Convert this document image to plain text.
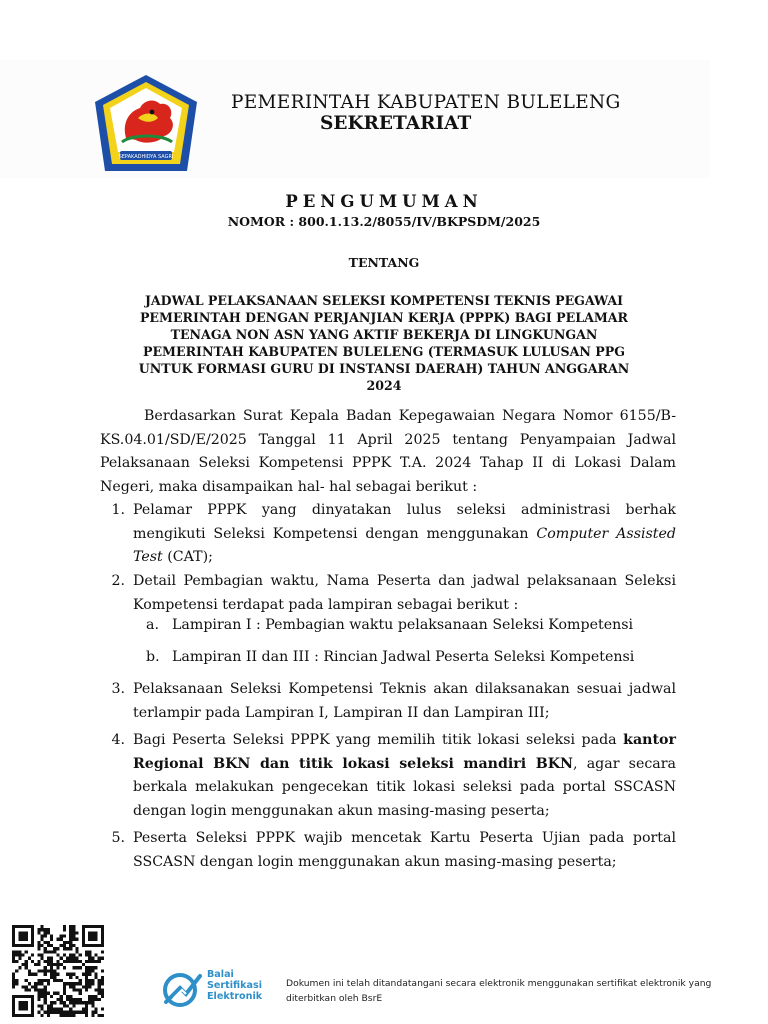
SEPAKADHIDYA SAGRI
PEMERINTAH KABUPATEN BULELENG
SEKRETARIAT
PENGUMUMAN
NOMOR : 800.1.13.2/8055/IV/BKPSDM/2025
TENTANG
JADWAL PELAKSANAAN SELEKSI KOMPETENSI TEKNIS PEGAWAI
PEMERINTAH DENGAN PERJANJIAN KERJA (PPPK) BAGI PELAMAR
TENAGA NON ASN YANG AKTIF BEKERJA DI LINGKUNGAN
PEMERINTAH KABUPATEN BULELENG (TERMASUK LULUSAN PPG
UNTUK FORMASI GURU DI INSTANSI DAERAH) TAHUN ANGGARAN
2024
Berdasarkan Surat Kepala Badan Kepegawaian Negara Nomor 6155/B-KS.04.01/SD/E/2025 Tanggal 11 April 2025 tentang Penyampaian Jadwal Pelaksanaan Seleksi Kompetensi PPPK T.A. 2024 Tahap II di Lokasi Dalam Negeri, maka disampaikan hal- hal sebagai berikut :
1. Pelamar PPPK yang dinyatakan lulus seleksi administrasi berhak mengikuti Seleksi Kompetensi dengan menggunakan Computer Assisted Test (CAT);
2. Detail Pembagian waktu, Nama Peserta dan jadwal pelaksanaan Seleksi Kompetensi terdapat pada lampiran sebagai berikut :
a. Lampiran I : Pembagian waktu pelaksanaan Seleksi Kompetensi
b. Lampiran II dan III : Rincian Jadwal Peserta Seleksi Kompetensi
3. Pelaksanaan Seleksi Kompetensi Teknis akan dilaksanakan sesuai jadwal terlampir pada Lampiran I, Lampiran II dan Lampiran III;
4. Bagi Peserta Seleksi PPPK yang memilih titik lokasi seleksi pada kantor Regional BKN dan titik lokasi seleksi mandiri BKN, agar secara berkala melakukan pengecekan titik lokasi seleksi pada portal SSCASN dengan login menggunakan akun masing-masing peserta;
5. Peserta Seleksi PPPK wajib mencetak Kartu Peserta Ujian pada portal SSCASN dengan login menggunakan akun masing-masing peserta;
Balai
Sertifikasi
Elektronik
Dokumen ini telah ditandatangani secara elektronik menggunakan sertifikat elektronik yang
diterbitkan oleh BsrE
